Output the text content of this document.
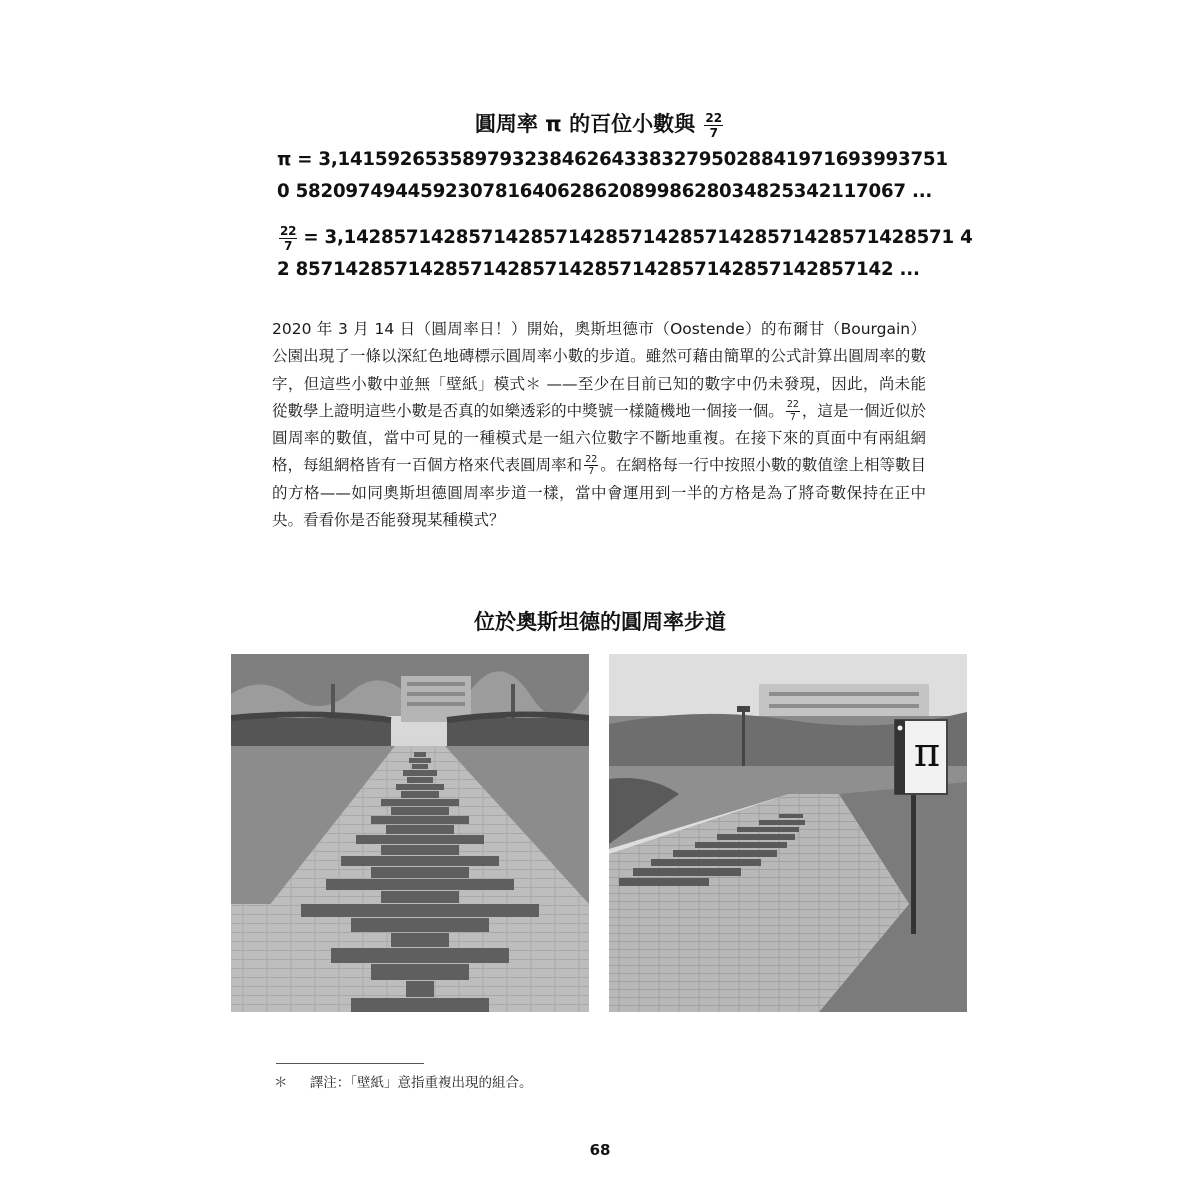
圓周率 π 的百位小數與 $\frac{22}{7}$
π = 3,1415926535897932384626433832795028841971693993751
0 5820974944592307816406286208998628034825342117067 ...
$\frac{22}{7} = 3,1428571428571428571428571428571428571428571428571$ 4
2 857142857142857142857142857142857142857142857142 ...
2020 年 3 月 14 日（圓周率日！）開始，奧斯坦德市（Oostende）的布爾甘（Bourgain）公園出現了一條以深紅色地磚標示圓周率小數的步道。雖然可藉由簡單的公式計算出圓周率的數字，但這些小數中並無「壁紙」模式＊ ——至少在目前已知的數字中仍未發現，因此，尚未能從數學上證明這些小數是否真的如樂透彩的中獎號一樣隨機地一個接一個。 $\frac{22}{7}$ ，這是一個近似於圓周率的數值，當中可見的一種模式是一組六位數字不斷地重複。在接下來的頁面中有兩組網格，每組網格皆有一百個方格來代表圓周率和 $\frac{22}{7}$ 。在網格每一行中按照小數的數值塗上相等數目的方格——如同奧斯坦德圓周率步道一樣，當中會運用到一半的方格是為了將奇數保持在正中央。看看你是否能發現某種模式？
位於奧斯坦德的圓周率步道
π
＊ 譯注：「壁紙」意指重複出現的組合。
68
